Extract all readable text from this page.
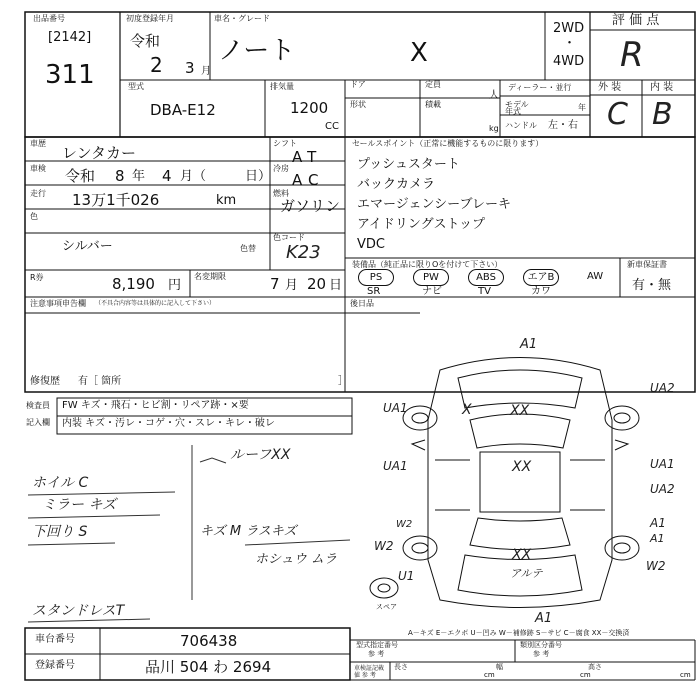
出品番号
[2142]
311
初度登録年月
令和
2 3 月
車名・グレード
ノート	X
2WD
・
4WD
評 価 点
R
型式
DBA-E12
排気量
1200
CC
ドア
形状
定員
人
積載
kg
ディーラー・並行
モデル年式	年
ハンドル 左・右
外 装	内 装
C B
車歴
レンタカー
車検 令和 8 年 4 月（	日）
走行 13万1千026	km
色
シルバー	色替
R券	8,190 円
名変期限	7 月 20 日
シフト
AT
冷房
AC
燃料
ガソリン
色コード
K23
セールスポイント（正常に機能するものに限ります）
プッシュスタート
バックカメラ
エマージェンシーブレーキ
アイドリングストップ
VDC
装備品（純正品に限りOを付けて下さい）	新車保証書
有・無
PS	PW	ABS	エアB	AW
SR	ナビ	TV	カワ
注意事項申告欄 （不具合内容等は具体的に記入して下さい）
修復歴 有［ 箇所	］
後日品
検査員
記入欄
FW キズ・飛石・ヒビ割・リペア跡・×要
内装 キズ・汚レ・コゲ・穴・スレ・キレ・破レ
ルーフXX
ホイル C
ミラー キズ
下回り S	キズ M ラスキズ
ホシュウ ムラ
スタンドレスT
A1
UA1	XX
UA2
UA1	XX	UA1
UA2
A1
W2
XX
アルテ
W2
U1
A1
A1
W2
X
スペア
A－キズ E－エクボ U－凹み W－補修跡 S－サビ C－腐食 XX－交換済
車台番号	706438
登録番号	品川 504 わ 2694
型式指定番号
参 考
類別区分番号
参 考
車検証記載値 参 考
長さ
cm
幅
cm
高さ
cm
